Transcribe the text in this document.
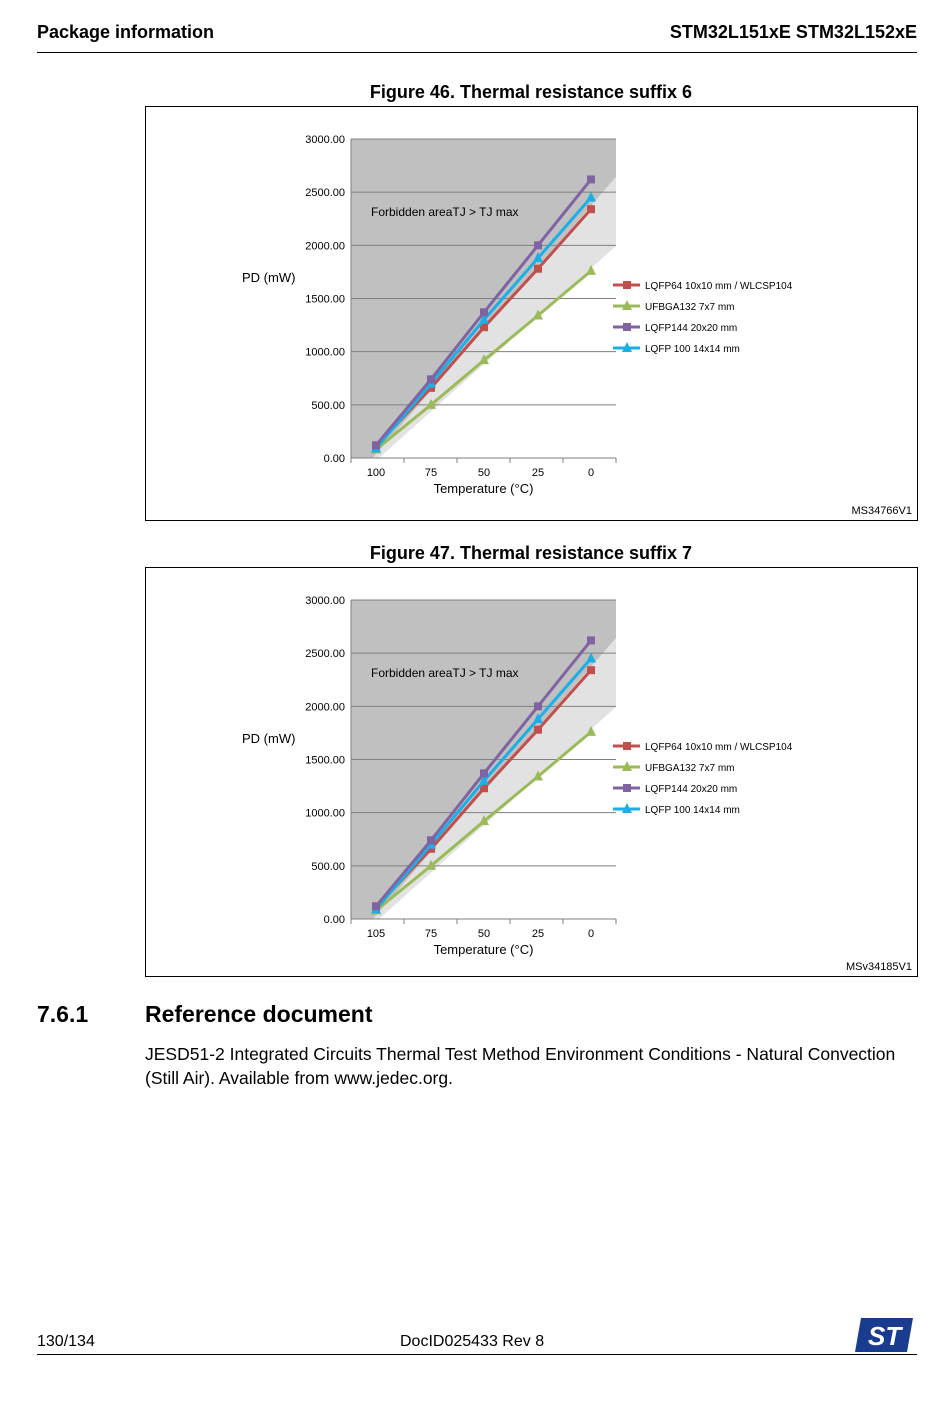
Package information	STM32L151xE STM32L152xE
Figure 46. Thermal resistance suffix 6
0.00
500.00
1000.00
1500.00
2000.00
2500.00
3000.00
100	75	50	25	0
PD (mW)
Temperature (°C)
Forbidden areaTJ > TJ max
LQFP64 10x10 mm / WLCSP104
UFBGA132 7x7 mm
LQFP144 20x20 mm
LQFP 100 14x14 mm
MS34766V1
Figure 47. Thermal resistance suffix 7
0.00
500.00
1000.00
1500.00
2000.00
2500.00
3000.00
105	75	50	25	0
PD (mW)
Temperature (°C)
Forbidden areaTJ > TJ max
LQFP64 10x10 mm / WLCSP104
UFBGA132 7x7 mm
LQFP144 20x20 mm
LQFP 100 14x14 mm
MSv34185V1
7.6.1 Reference document
JESD51-2 Integrated Circuits Thermal Test Method Environment Conditions - Natural Convection (Still Air). Available from www.jedec.org.
130/134	DocID025433 Rev 8	ST
